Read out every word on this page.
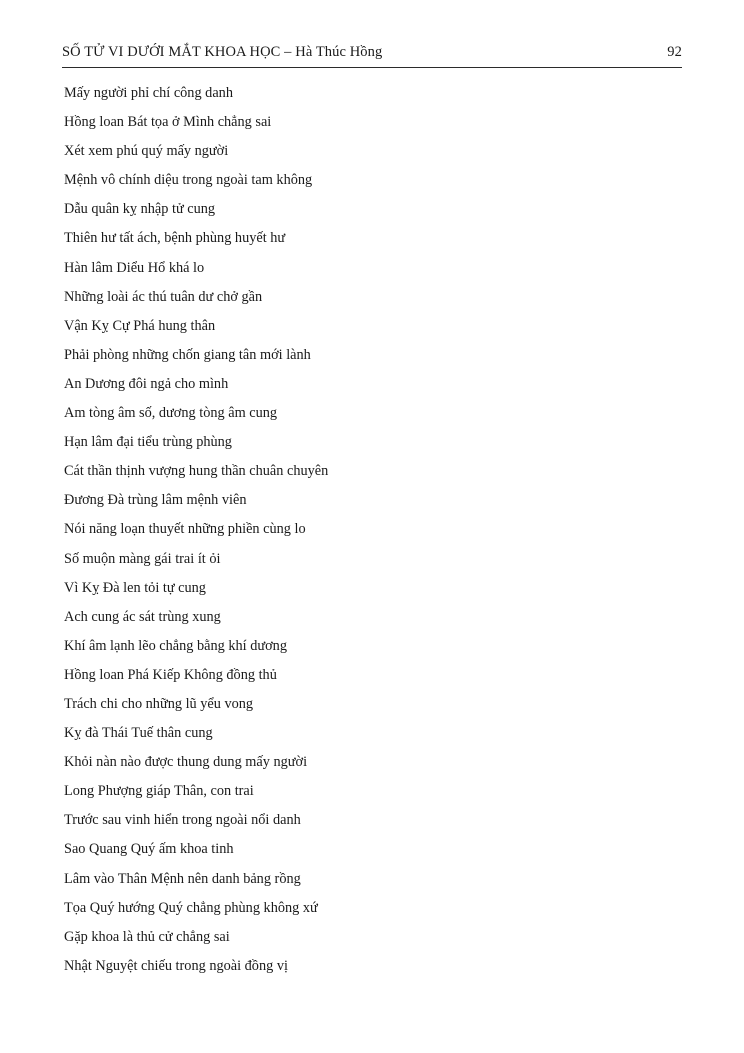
SỐ TỬ VI DƯỚI MẮT KHOA HỌC – Hà Thúc Hồng	92
Mấy người phỉ chí công danh
Hồng loan Bát tọa ở Mình chẳng sai
Xét xem phú quý mấy người
Mệnh vô chính diệu trong ngoài tam không
Dẫu quân kỵ nhập tử cung
Thiên hư tất ách, bệnh phùng huyết hư
Hàn lâm Diểu Hổ khá lo
Những loài ác thú tuân dư chở gần
Vận Kỵ Cự Phá hung thân
Phải phòng những chốn giang tân mới lành
An Dương đôi ngả cho mình
Am tòng âm số, dương tòng âm cung
Hạn lâm đại tiểu trùng phùng
Cát thần thịnh vượng hung thần chuân chuyên
Đương Đà trùng lâm mệnh viên
Nói năng loạn thuyết những phiền cùng lo
Số muộn màng gái trai ít ỏi
Vì Kỵ Đà len tỏi tự cung
Ach cung ác sát trùng xung
Khí âm lạnh lẽo chẳng bằng khí dương
Hồng loan Phá Kiếp Không đồng thủ
Trách chi cho những lũ yểu vong
Kỵ đà Thái Tuế thân cung
Khỏi nàn nào được thung dung mấy người
Long Phượng giáp Thân, con trai
Trước sau vinh hiển trong ngoài nổi danh
Sao Quang Quý ấm khoa tinh
Lâm vào Thân Mệnh nên danh bảng rồng
Tọa Quý hướng Quý chẳng phùng không xứ
Gặp khoa là thủ cử chẳng sai
Nhật Nguyệt chiếu trong ngoài đồng vị
